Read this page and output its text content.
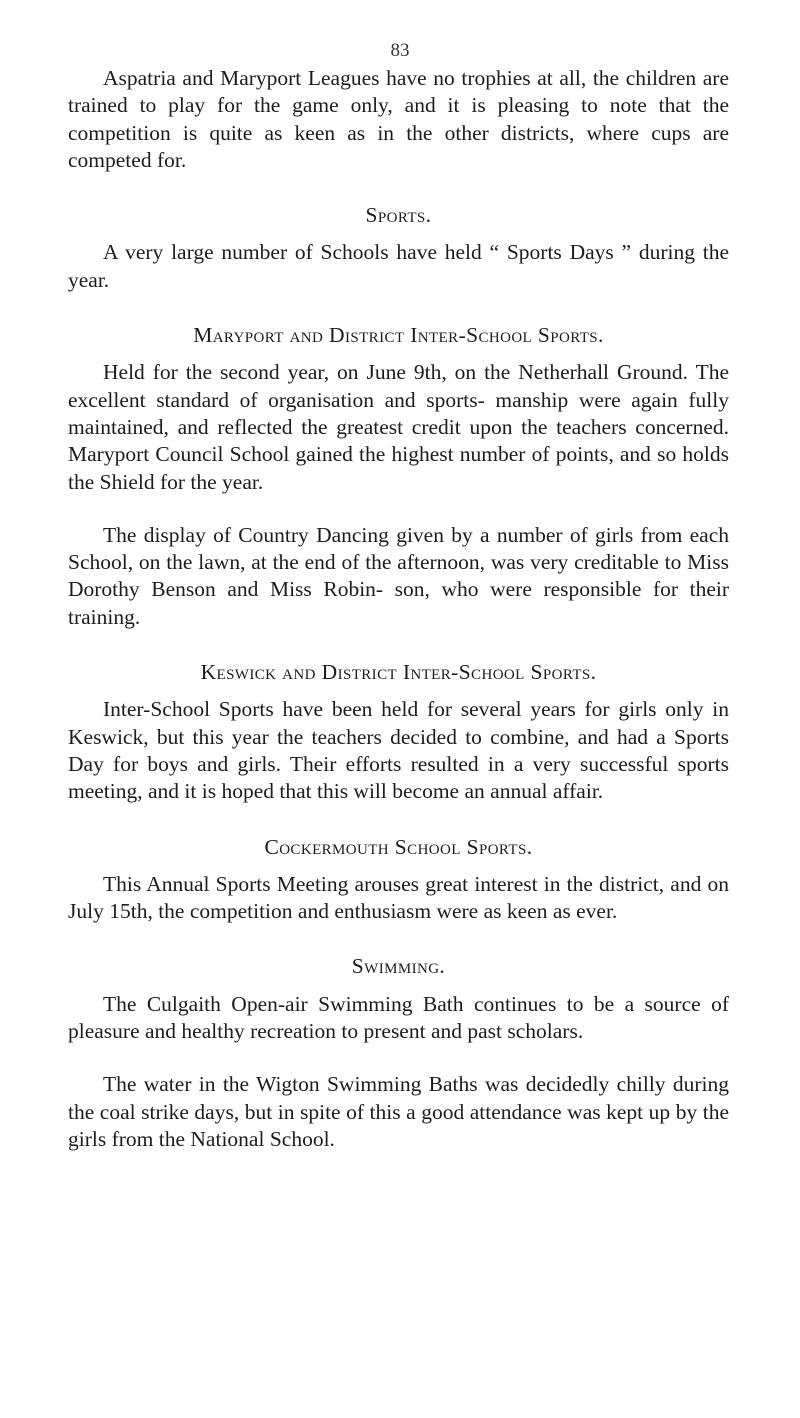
83

Aspatria and Maryport Leagues have no trophies at all, the children are trained to play for the game only, and it is pleasing to note that the competition is quite as keen as in the other districts, where cups are competed for.

Sports.

A very large number of Schools have held “ Sports Days ” during the year.

Maryport and District Inter-School Sports.

Held for the second year, on June 9th, on the Netherhall Ground. The excellent standard of organisation and sports- manship were again fully maintained, and reflected the greatest credit upon the teachers concerned. Maryport Council School gained the highest number of points, and so holds the Shield for the year.

The display of Country Dancing given by a number of girls from each School, on the lawn, at the end of the afternoon, was very creditable to Miss Dorothy Benson and Miss Robin- son, who were responsible for their training.

Keswick and District Inter-School Sports.

Inter-School Sports have been held for several years for girls only in Keswick, but this year the teachers decided to combine, and had a Sports Day for boys and girls. Their efforts resulted in a very successful sports meeting, and it is hoped that this will become an annual affair.

Cockermouth School Sports.

This Annual Sports Meeting arouses great interest in the district, and on July 15th, the competition and enthusiasm were as keen as ever.

Swimming.

The Culgaith Open-air Swimming Bath continues to be a source of pleasure and healthy recreation to present and past scholars.

The water in the Wigton Swimming Baths was decidedly chilly during the coal strike days, but in spite of this a good attendance was kept up by the girls from the National School.
